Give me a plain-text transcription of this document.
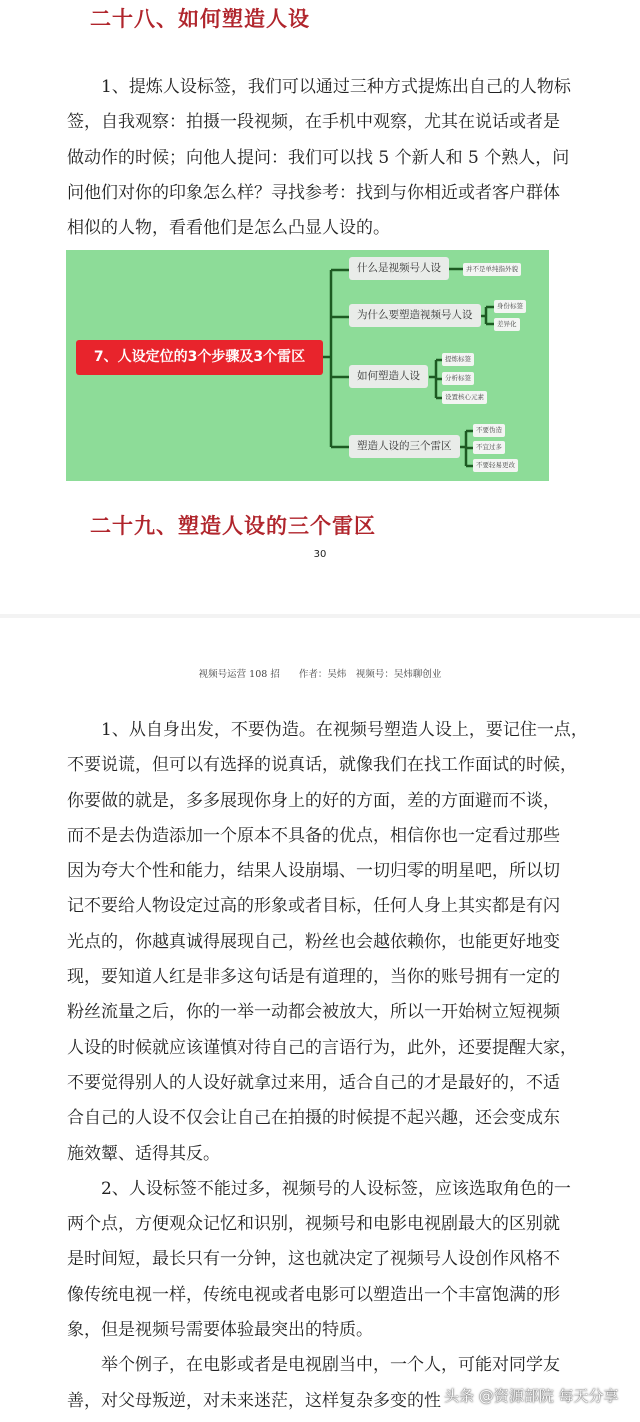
二十八、如何塑造人设
1、提炼人设标签，我们可以通过三种方式提炼出自己的人物标
签，自我观察：拍摄一段视频，在手机中观察，尤其在说话或者是
做动作的时候；向他人提问：我们可以找 5 个新人和 5 个熟人，问
问他们对你的印象怎么样？寻找参考：找到与你相近或者客户群体
相似的人物，看看他们是怎么凸显人设的。
7、人设定位的3个步骤及3个雷区
什么是视频号人设	并不是单纯指外貌
为什么要塑造视频号人设
身份标签
差异化
如何塑造人设
提炼标签
分析标签
设置核心元素
塑造人设的三个雷区
不要伪造
不宜过多
不要轻易更改
二十九、塑造人设的三个雷区
30
视频号运营 108 招　　作者：吴炜　视频号：吴炜聊创业
1、从自身出发，不要伪造。在视频号塑造人设上，要记住一点，
不要说谎，但可以有选择的说真话，就像我们在找工作面试的时候，
你要做的就是，多多展现你身上的好的方面，差的方面避而不谈，
而不是去伪造添加一个原本不具备的优点，相信你也一定看过那些
因为夸大个性和能力，结果人设崩塌、一切归零的明星吧，所以切
记不要给人物设定过高的形象或者目标，任何人身上其实都是有闪
光点的，你越真诚得展现自己，粉丝也会越依赖你，也能更好地变
现，要知道人红是非多这句话是有道理的，当你的账号拥有一定的
粉丝流量之后，你的一举一动都会被放大，所以一开始树立短视频
人设的时候就应该谨慎对待自己的言语行为，此外，还要提醒大家，
不要觉得别人的人设好就拿过来用，适合自己的才是最好的，不适
合自己的人设不仅会让自己在拍摄的时候提不起兴趣，还会变成东
施效颦、适得其反。
2、人设标签不能过多，视频号的人设标签，应该选取角色的一
两个点，方便观众记忆和识别，视频号和电影电视剧最大的区别就
是时间短，最长只有一分钟，这也就决定了视频号人设创作风格不
像传统电视一样，传统电视或者电影可以塑造出一个丰富饱满的形
象，但是视频号需要体验最突出的特质。
举个例子，在电影或者是电视剧当中，一个人，可能对同学友
善，对父母叛逆，对未来迷茫，这样复杂多变的性 头条 @资源部院 每天分享
